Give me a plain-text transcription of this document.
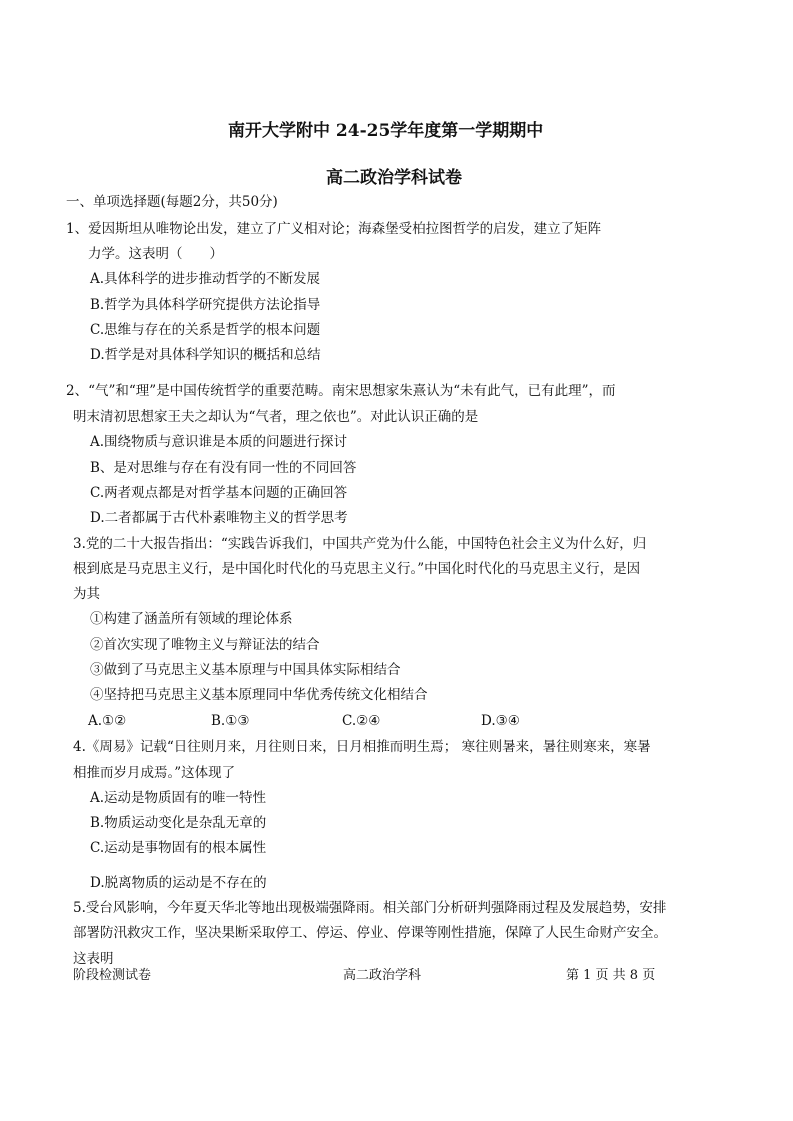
南开大学附中 24-25学年度第一学期期中
高二政治学科试卷
一、单项选择题(每题2分，共50分)
1、爱因斯坦从唯物论出发，建立了广义相对论；海森堡受柏拉图哲学的启发，建立了矩阵
力学。这表明（　　）
A.具体科学的进步推动哲学的不断发展
B.哲学为具体科学研究提供方法论指导
C.思维与存在的关系是哲学的根本问题
D.哲学是对具体科学知识的概括和总结
2、“气”和“理”是中国传统哲学的重要范畴。南宋思想家朱熹认为“未有此气，已有此理”，而
明末清初思想家王夫之却认为“气者，理之依也”。对此认识正确的是
A.围绕物质与意识谁是本质的问题进行探讨
B、是对思维与存在有没有同一性的不同回答
C.两者观点都是对哲学基本问题的正确回答
D.二者都属于古代朴素唯物主义的哲学思考
3.党的二十大报告指出：“实践告诉我们，中国共产党为什么能，中国特色社会主义为什么好，归
根到底是马克思主义行，是中国化时代化的马克思主义行。”中国化时代化的马克思主义行，是因
为其
①构建了涵盖所有领域的理论体系
②首次实现了唯物主义与辩证法的结合
③做到了马克思主义基本原理与中国具体实际相结合
④坚持把马克思主义基本原理同中华优秀传统文化相结合
A.①②	B.①③	C.②④	D.③④
4.《周易》记载“日往则月来，月往则日来，日月相推而明生焉； 寒往则暑来，暑往则寒来，寒暑
相推而岁月成焉。”这体现了
A.运动是物质固有的唯一特性
B.物质运动变化是杂乱无章的
C.运动是事物固有的根本属性
D.脱离物质的运动是不存在的
5.受台风影响，今年夏天华北等地出现极端强降雨。相关部门分析研判强降雨过程及发展趋势，安排
部署防汛救灾工作，坚决果断采取停工、停运、停业、停课等刚性措施，保障了人民生命财产安全。
这表明
阶段检测试卷	高二政治学科	第 1 页 共 8 页
